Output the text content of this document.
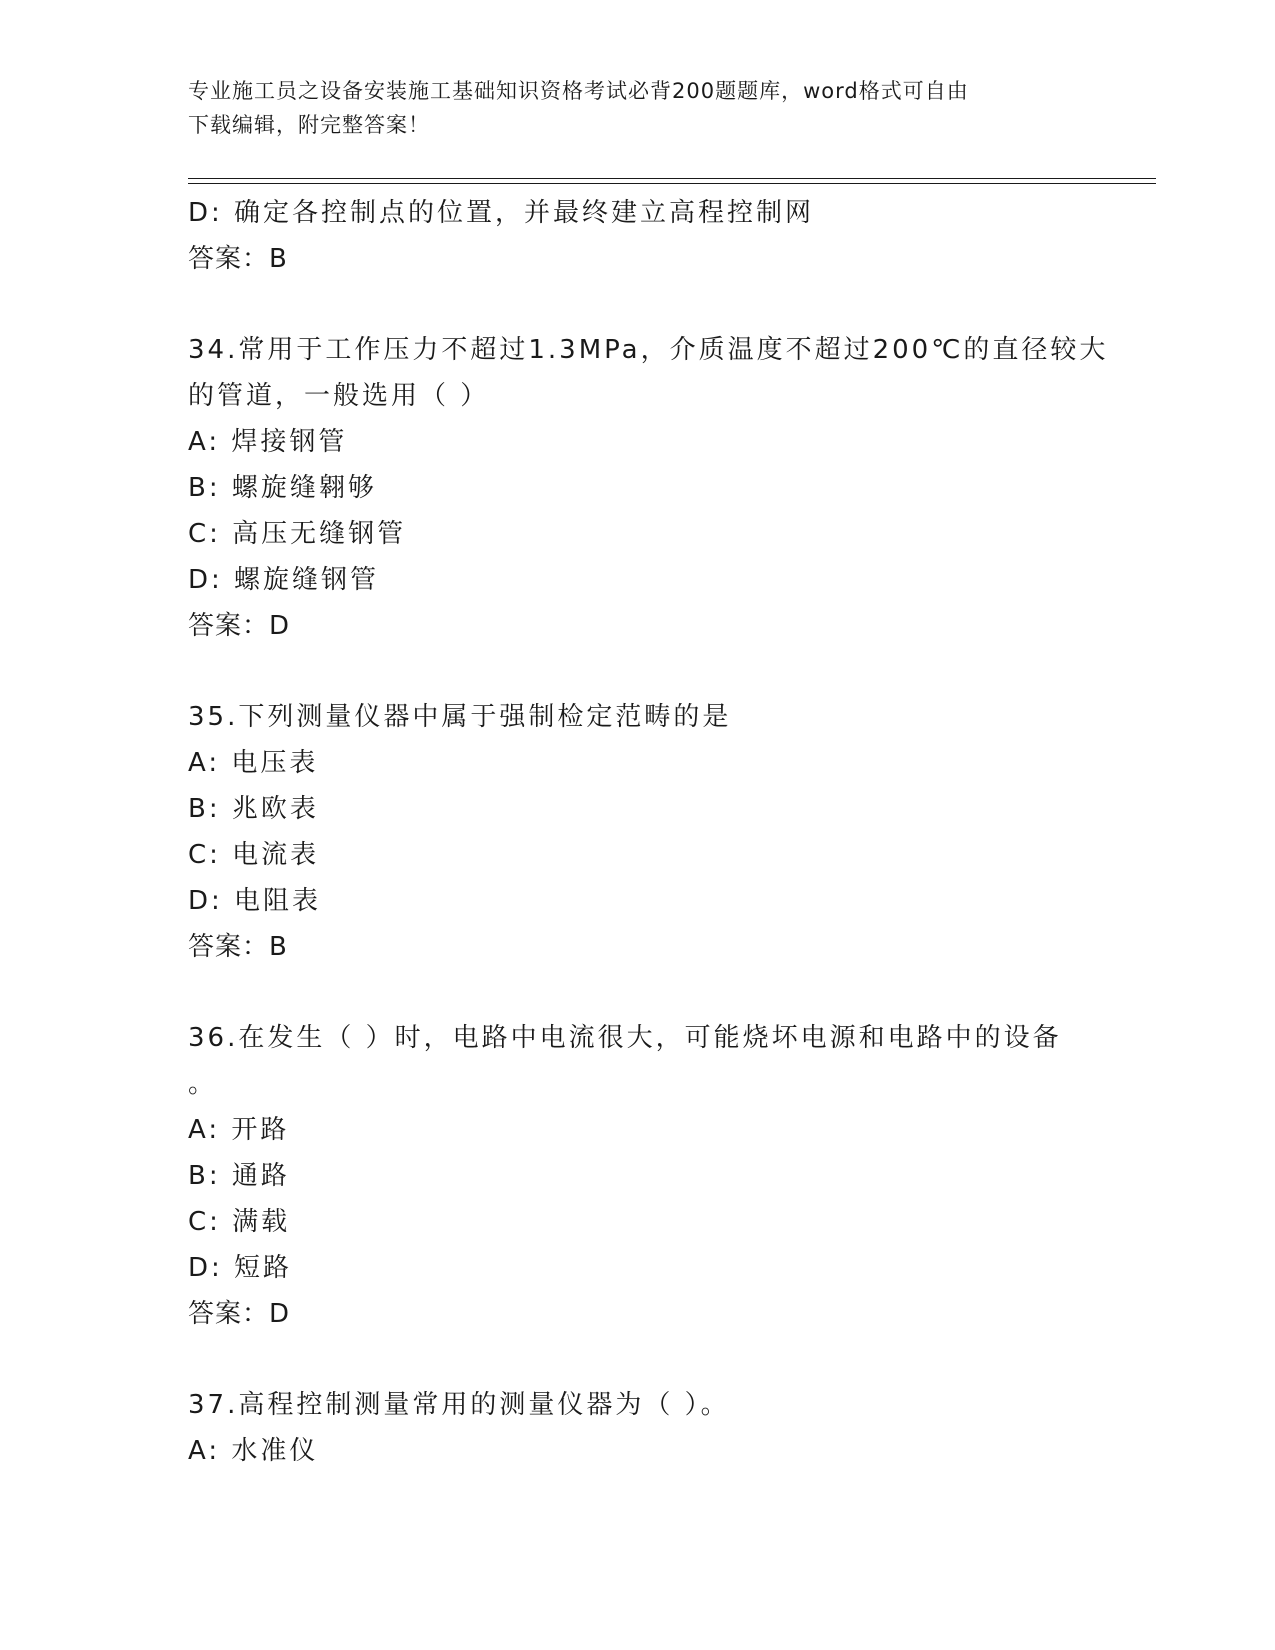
专业施工员之设备安装施工基础知识资格考试必背200题题库，word格式可自由
下载编辑，附完整答案！
D: 确定各控制点的位置，并最终建立高程控制网
答案：B
34.常用于工作压力不超过1.3MPa，介质温度不超过200℃的直径较大
的管道，一般选用（ ）
A: 焊接钢管
B: 螺旋缝翱够
C: 高压无缝钢管
D: 螺旋缝钢管
答案：D
35.下列测量仪器中属于强制检定范畴的是
A: 电压表
B: 兆欧表
C: 电流表
D: 电阻表
答案：B
36.在发生（ ）时，电路中电流很大，可能烧坏电源和电路中的设备
。
A: 开路
B: 通路
C: 满载
D: 短路
答案：D
37.高程控制测量常用的测量仪器为（ ）。
A: 水准仪
